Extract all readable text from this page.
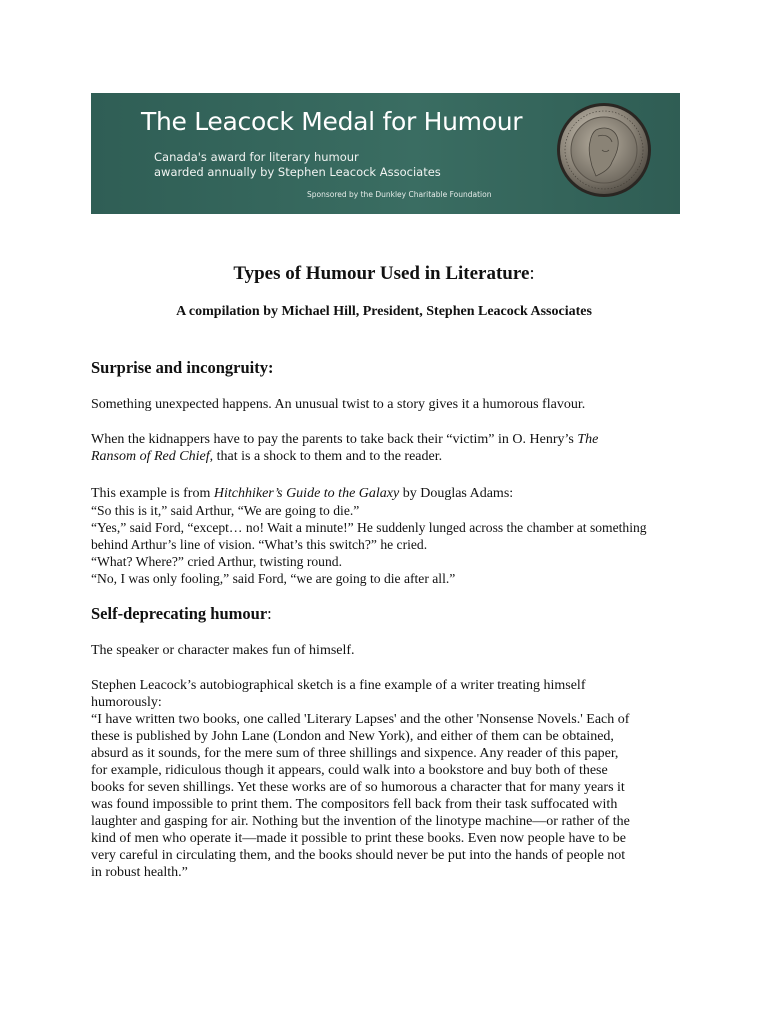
The Leacock Medal for Humour
Canada's award for literary humour
awarded annually by Stephen Leacock Associates
Sponsored by the Dunkley Charitable Foundation
Types of Humour Used in Literature:

A compilation by Michael Hill, President, Stephen Leacock Associates

Surprise and incongruity:

Something unexpected happens. An unusual twist to a story gives it a humorous flavour.

When the kidnappers have to pay the parents to take back their “victim” in O. Henry’s The
Ransom of Red Chief, that is a shock to them and to the reader.

This example is from Hitchhiker’s Guide to the Galaxy by Douglas Adams:
“So this is it,” said Arthur, “We are going to die.”
“Yes,” said Ford, “except… no! Wait a minute!” He suddenly lunged across the chamber at something
behind Arthur’s line of vision. “What’s this switch?” he cried.
“What? Where?” cried Arthur, twisting round.
“No, I was only fooling,” said Ford, “we are going to die after all.”

Self-deprecating humour:

The speaker or character makes fun of himself.

Stephen Leacock’s autobiographical sketch is a fine example of a writer treating himself
humorously:
“I have written two books, one called 'Literary Lapses' and the other 'Nonsense Novels.' Each of
these is published by John Lane (London and New York), and either of them can be obtained,
absurd as it sounds, for the mere sum of three shillings and sixpence. Any reader of this paper,
for example, ridiculous though it appears, could walk into a bookstore and buy both of these
books for seven shillings. Yet these works are of so humorous a character that for many years it
was found impossible to print them. The compositors fell back from their task suffocated with
laughter and gasping for air. Nothing but the invention of the linotype machine—or rather of the
kind of men who operate it—made it possible to print these books. Even now people have to be
very careful in circulating them, and the books should never be put into the hands of people not
in robust health.”
